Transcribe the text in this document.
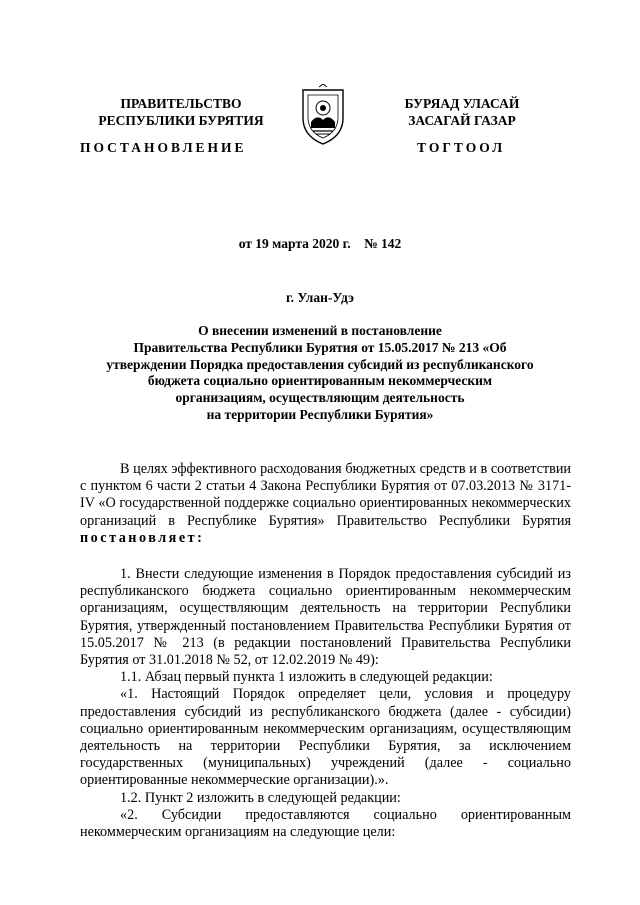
ПРАВИТЕЛЬСТВО
РЕСПУБЛИКИ БУРЯТИЯ
БУРЯАД УЛАСАЙ
ЗАСАГАЙ ГАЗАР
ПОСТАНОВЛЕНИЕ	ТОГТООЛ
от 19 марта 2020 г.    № 142
г. Улан-Удэ
О внесении изменений в постановление
Правительства Республики Бурятия от 15.05.2017 № 213 «Об
утверждении Порядка предоставления субсидий из республиканского
бюджета социально ориентированным некоммерческим
организациям, осуществляющим деятельность
на территории Республики Бурятия»

В целях эффективного расходования бюджетных средств и в соответствии с пунктом 6 части 2 статьи 4 Закона Республики Бурятия от 07.03.2013 № 3171-IV «О государственной поддержке социально ориентированных некоммерческих организаций в Республике Бурятия» Правительство Республики Бурятия постановляет:

1. Внести следующие изменения в Порядок предоставления субсидий из республиканского бюджета социально ориентированным некоммерческим организациям, осуществляющим деятельность на территории Республики Бурятия, утвержденный постановлением Правительства Республики Бурятия от 15.05.2017 № 213 (в редакции постановлений Правительства Республики Бурятия от 31.01.2018 № 52, от 12.02.2019 № 49):

1.1. Абзац первый пункта 1 изложить в следующей редакции:

«1. Настоящий Порядок определяет цели, условия и процедуру предоставления субсидий из республиканского бюджета (далее - субсидии) социально ориентированным некоммерческим организациям, осуществляющим деятельность на территории Республики Бурятия, за исключением государственных (муниципальных) учреждений (далее - социально ориентированные некоммерческие организации).».

1.2. Пункт 2 изложить в следующей редакции:

«2. Субсидии предоставляются социально ориентированным некоммерческим организациям на следующие цели:
